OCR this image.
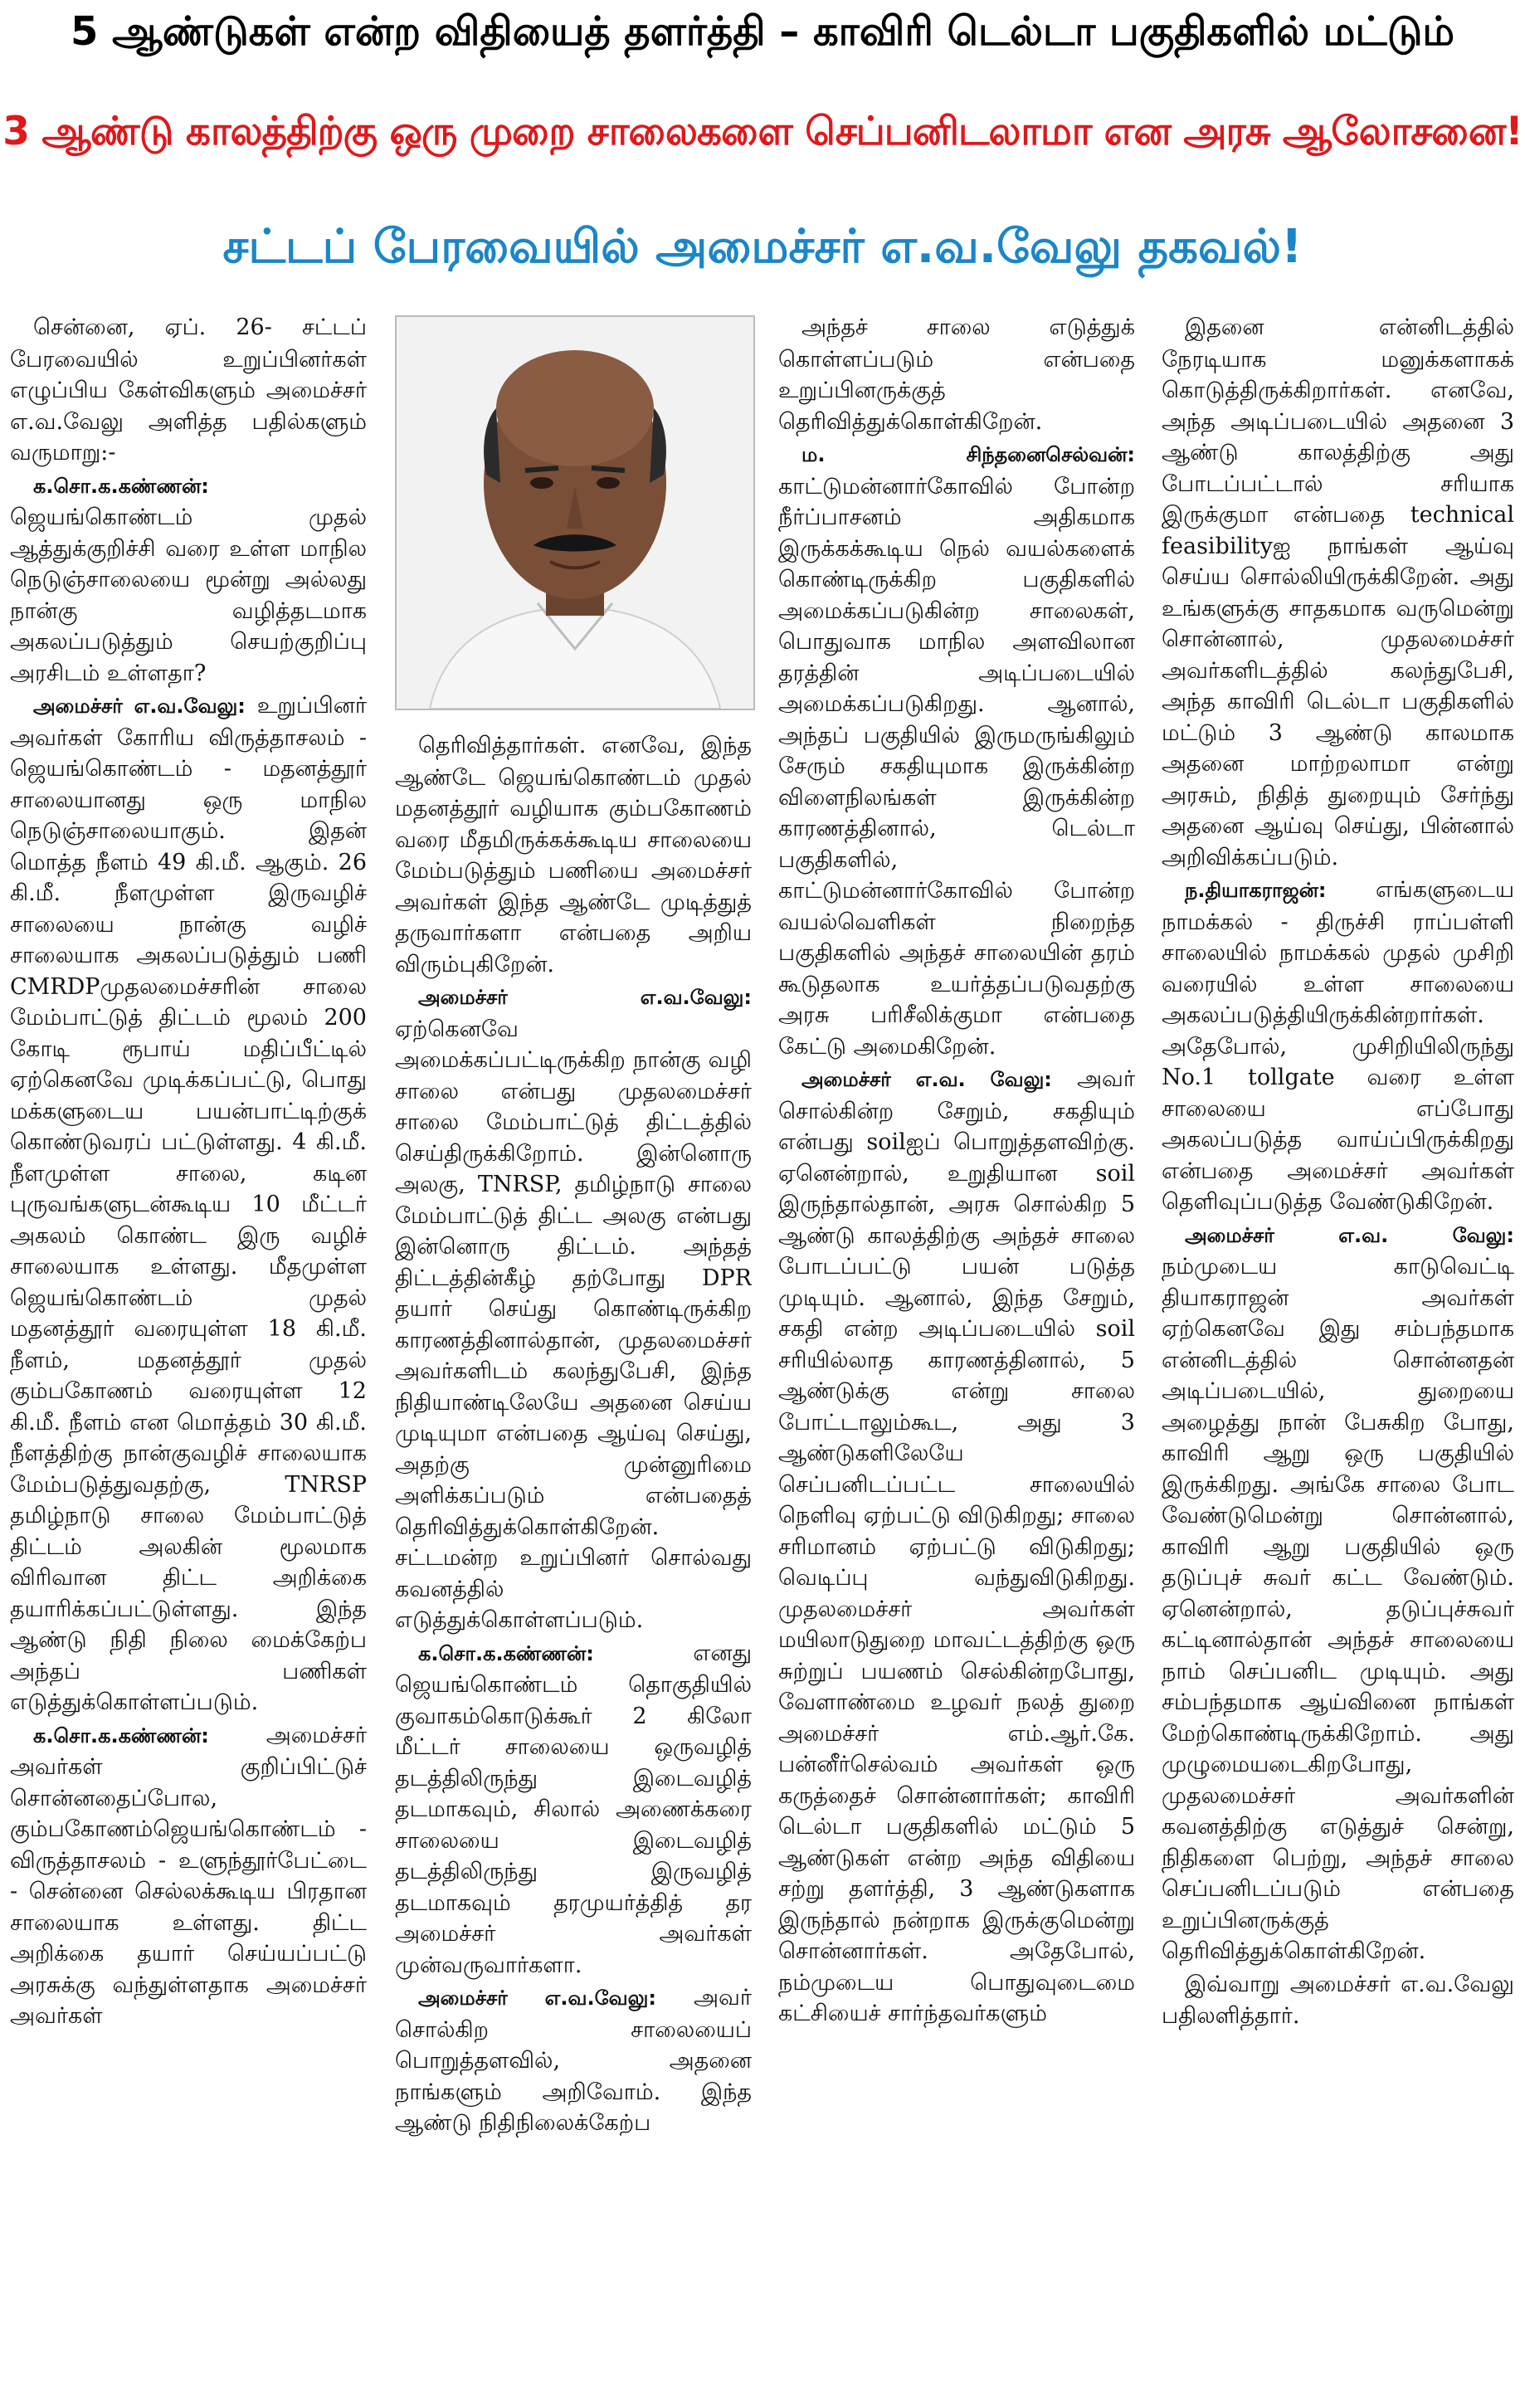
5 ஆண்டுகள் என்ற விதியைத் தளர்த்தி – காவிரி டெல்டா பகுதிகளில் மட்டும்
3 ஆண்டு காலத்திற்கு ஒரு முறை சாலைகளை செப்பனிடலாமா என அரசு ஆலோசனை!
சட்டப் பேரவையில் அமைச்சர் எ.வ.வேலு தகவல்!

சென்னை, ஏப். 26- சட்டப் பேரவையில் உறுப்பினர்கள் எழுப்பிய கேள்விகளும் அமைச்சர் எ.வ.வேலு அளித்த பதில்களும் வருமாறு:-

க.சொ.க.கண்ணன்: ஜெயங்கொண்டம் முதல் ஆத்துக்குறிச்சி வரை உள்ள மாநில நெடுஞ்சாலையை மூன்று அல்லது நான்கு வழித்தடமாக அகலப்படுத்தும் செயற்குறிப்பு அரசிடம் உள்ளதா?

அமைச்சர் எ.வ.வேலு: உறுப்பினர் அவர்கள் கோரிய விருத்தாசலம் - ஜெயங்கொண்டம் - மதனத்தூர் சாலையானது ஒரு மாநில நெடுஞ்சாலையாகும். இதன் மொத்த நீளம் 49 கி.மீ. ஆகும். 26 கி.மீ. நீளமுள்ள இருவழிச் சாலையை நான்கு வழிச் சாலையாக அகலப்படுத்தும் பணி CMRDPமுதலமைச்சரின் சாலை மேம்பாட்டுத் திட்டம் மூலம் 200 கோடி ரூபாய் மதிப்பீட்டில் ஏற்கெனவே முடிக்கப்பட்டு, பொது மக்களுடைய பயன்பாட்டிற்குக் கொண்டுவரப் பட்டுள்ளது. 4 கி.மீ. நீளமுள்ள சாலை, கடின புருவங்களுடன்கூடிய 10 மீட்டர் அகலம் கொண்ட இரு வழிச் சாலையாக உள்ளது. மீதமுள்ள ஜெயங்கொண்டம் முதல் மதனத்தூர் வரையுள்ள 18 கி.மீ. நீளம், மதனத்தூர் முதல் கும்பகோணம் வரையுள்ள 12 கி.மீ. நீளம் என மொத்தம் 30 கி.மீ. நீளத்திற்கு நான்குவழிச் சாலையாக மேம்படுத்துவதற்கு, TNRSP தமிழ்நாடு சாலை மேம்பாட்டுத் திட்டம் அலகின் மூலமாக விரிவான திட்ட அறிக்கை தயாரிக்கப்பட்டுள்ளது. இந்த ஆண்டு நிதி நிலை மைக்கேற்ப அந்தப் பணிகள் எடுத்துக்கொள்ளப்படும்.

க.சொ.க.கண்ணன்: அமைச்சர் அவர்கள் குறிப்பிட்டுச் சொன்னதைப்போல, கும்பகோணம்ஜெயங்கொண்டம் - விருத்தாசலம் - உளுந்தூர்பேட்டை - சென்னை செல்லக்கூடிய பிரதான சாலையாக உள்ளது. திட்ட அறிக்கை தயார் செய்யப்பட்டு அரசுக்கு வந்துள்ளதாக அமைச்சர் அவர்கள்

தெரிவித்தார்கள். எனவே, இந்த ஆண்டே ஜெயங்கொண்டம் முதல் மதனத்தூர் வழியாக கும்பகோணம் வரை மீதமிருக்கக்கூடிய சாலையை மேம்படுத்தும் பணியை அமைச்சர் அவர்கள் இந்த ஆண்டே முடித்துத் தருவார்களா என்பதை அறிய விரும்புகிறேன்.

அமைச்சர் எ.வ.வேலு: ஏற்கெனவே அமைக்கப்பட்டிருக்கிற நான்கு வழி சாலை என்பது முதலமைச்சர் சாலை மேம்பாட்டுத் திட்டத்தில் செய்திருக்கிறோம். இன்னொரு அலகு, TNRSP, தமிழ்நாடு சாலை மேம்பாட்டுத் திட்ட அலகு என்பது இன்னொரு திட்டம். அந்தத் திட்டத்தின்கீழ் தற்போது DPR தயார் செய்து கொண்டிருக்கிற காரணத்தினால்தான், முதலமைச்சர் அவர்களிடம் கலந்துபேசி, இந்த நிதியாண்டிலேயே அதனை செய்ய முடியுமா என்பதை ஆய்வு செய்து, அதற்கு முன்னுரிமை அளிக்கப்படும் என்பதைத் தெரிவித்துக்கொள்கிறேன். சட்டமன்ற உறுப்பினர் சொல்வது கவனத்தில் எடுத்துக்கொள்ளப்படும்.

க.சொ.க.கண்ணன்: எனது ஜெயங்கொண்டம் தொகுதியில் குவாகம்கொடுக்கூர் 2 கிலோ மீட்டர் சாலையை ஒருவழித் தடத்திலிருந்து இடைவழித் தடமாகவும், சிலால் அணைக்கரை சாலையை இடைவழித் தடத்திலிருந்து இருவழித் தடமாகவும் தரமுயர்த்தித் தர அமைச்சர் அவர்கள் முன்வருவார்களா.

அமைச்சர் எ.வ.வேலு: அவர் சொல்கிற சாலையைப் பொறுத்தளவில், அதனை நாங்களும் அறிவோம். இந்த ஆண்டு நிதிநிலைக்கேற்ப

அந்தச் சாலை எடுத்துக் கொள்ளப்படும் என்பதை உறுப்பினருக்குத் தெரிவித்துக்கொள்கிறேன்.

ம. சிந்தனைசெல்வன்: காட்டுமன்னார்கோவில் போன்ற நீர்ப்பாசனம் அதிகமாக இருக்கக்கூடிய நெல் வயல்களைக் கொண்டிருக்கிற பகுதிகளில் அமைக்கப்படுகின்ற சாலைகள், பொதுவாக மாநில அளவிலான தரத்தின் அடிப்படையில் அமைக்கப்படுகிறது. ஆனால், அந்தப் பகுதியில் இருமருங்கிலும் சேரும் சகதியுமாக இருக்கின்ற விளைநிலங்கள் இருக்கின்ற காரணத்தினால், டெல்டா பகுதிகளில், காட்டுமன்னார்கோவில் போன்ற வயல்வெளிகள் நிறைந்த பகுதிகளில் அந்தச் சாலையின் தரம் கூடுதலாக உயர்த்தப்படுவதற்கு அரசு பரிசீலிக்குமா என்பதை கேட்டு அமைகிறேன்.

அமைச்சர் எ.வ. வேலு: அவர் சொல்கின்ற சேறும், சகதியும் என்பது soilஐப் பொறுத்தளவிற்கு. ஏனென்றால், உறுதியான soil இருந்தால்தான், அரசு சொல்கிற 5 ஆண்டு காலத்திற்கு அந்தச் சாலை போடப்பட்டு பயன் படுத்த முடியும். ஆனால், இந்த சேறும், சகதி என்ற அடிப்படையில் soil சரியில்லாத காரணத்தினால், 5 ஆண்டுக்கு என்று சாலை போட்டாலும்கூட, அது 3 ஆண்டுகளிலேயே செப்பனிடப்பட்ட சாலையில் நெளிவு ஏற்பட்டு விடுகிறது; சாலை சரிமானம் ஏற்பட்டு விடுகிறது; வெடிப்பு வந்துவிடுகிறது. முதலமைச்சர் அவர்கள் மயிலாடுதுறை மாவட்டத்திற்கு ஒரு சுற்றுப் பயணம் செல்கின்றபோது, வேளாண்மை உழவர் நலத் துறை அமைச்சர் எம்.ஆர்.கே. பன்னீர்செல்வம் அவர்கள் ஒரு கருத்தைச் சொன்னார்கள்; காவிரி டெல்டா பகுதிகளில் மட்டும் 5 ஆண்டுகள் என்ற அந்த விதியை சற்று தளர்த்தி, 3 ஆண்டுகளாக இருந்தால் நன்றாக இருக்குமென்று சொன்னார்கள். அதேபோல், நம்முடைய பொதுவுடைமை கட்சியைச் சார்ந்தவர்களும்

இதனை என்னிடத்தில் நேரடியாக மனுக்களாகக் கொடுத்திருக்கிறார்கள். எனவே, அந்த அடிப்படையில் அதனை 3 ஆண்டு காலத்திற்கு அது போடப்பட்டால் சரியாக இருக்குமா என்பதை technical feasibilityஐ நாங்கள் ஆய்வு செய்ய சொல்லியிருக்கிறேன். அது உங்களுக்கு சாதகமாக வருமென்று சொன்னால், முதலமைச்சர் அவர்களிடத்தில் கலந்துபேசி, அந்த காவிரி டெல்டா பகுதிகளில் மட்டும் 3 ஆண்டு காலமாக அதனை மாற்றலாமா என்று அரசும், நிதித் துறையும் சேர்ந்து அதனை ஆய்வு செய்து, பின்னால் அறிவிக்கப்படும்.

ந.தியாகராஜன்: எங்களுடைய நாமக்கல் - திருச்சி ராப்பள்ளி சாலையில் நாமக்கல் முதல் முசிறி வரையில் உள்ள சாலையை அகலப்படுத்தியிருக்கின்றார்கள். அதேபோல், முசிறியிலிருந்து No.1 tollgate வரை உள்ள சாலையை எப்போது அகலப்படுத்த வாய்ப்பிருக்கிறது என்பதை அமைச்சர் அவர்கள் தெளிவுப்படுத்த வேண்டுகிறேன்.

அமைச்சர் எ.வ. வேலு: நம்முடைய காடுவெட்டி தியாகராஜன் அவர்கள் ஏற்கெனவே இது சம்பந்தமாக என்னிடத்தில் சொன்னதன் அடிப்படையில், துறையை அழைத்து நான் பேசுகிற போது, காவிரி ஆறு ஒரு பகுதியில் இருக்கிறது. அங்கே சாலை போட வேண்டுமென்று சொன்னால், காவிரி ஆறு பகுதியில் ஒரு தடுப்புச் சுவர் கட்ட வேண்டும். ஏனென்றால், தடுப்புச்சுவர் கட்டினால்தான் அந்தச் சாலையை நாம் செப்பனிட முடியும். அது சம்பந்தமாக ஆய்வினை நாங்கள் மேற்கொண்டிருக்கிறோம். அது முழுமையடைகிறபோது, முதலமைச்சர் அவர்களின் கவனத்திற்கு எடுத்துச் சென்று, நிதிகளை பெற்று, அந்தச் சாலை செப்பனிடப்படும் என்பதை உறுப்பினருக்குத் தெரிவித்துக்கொள்கிறேன்.

இவ்வாறு அமைச்சர் எ.வ.வேலு பதிலளித்தார்.
